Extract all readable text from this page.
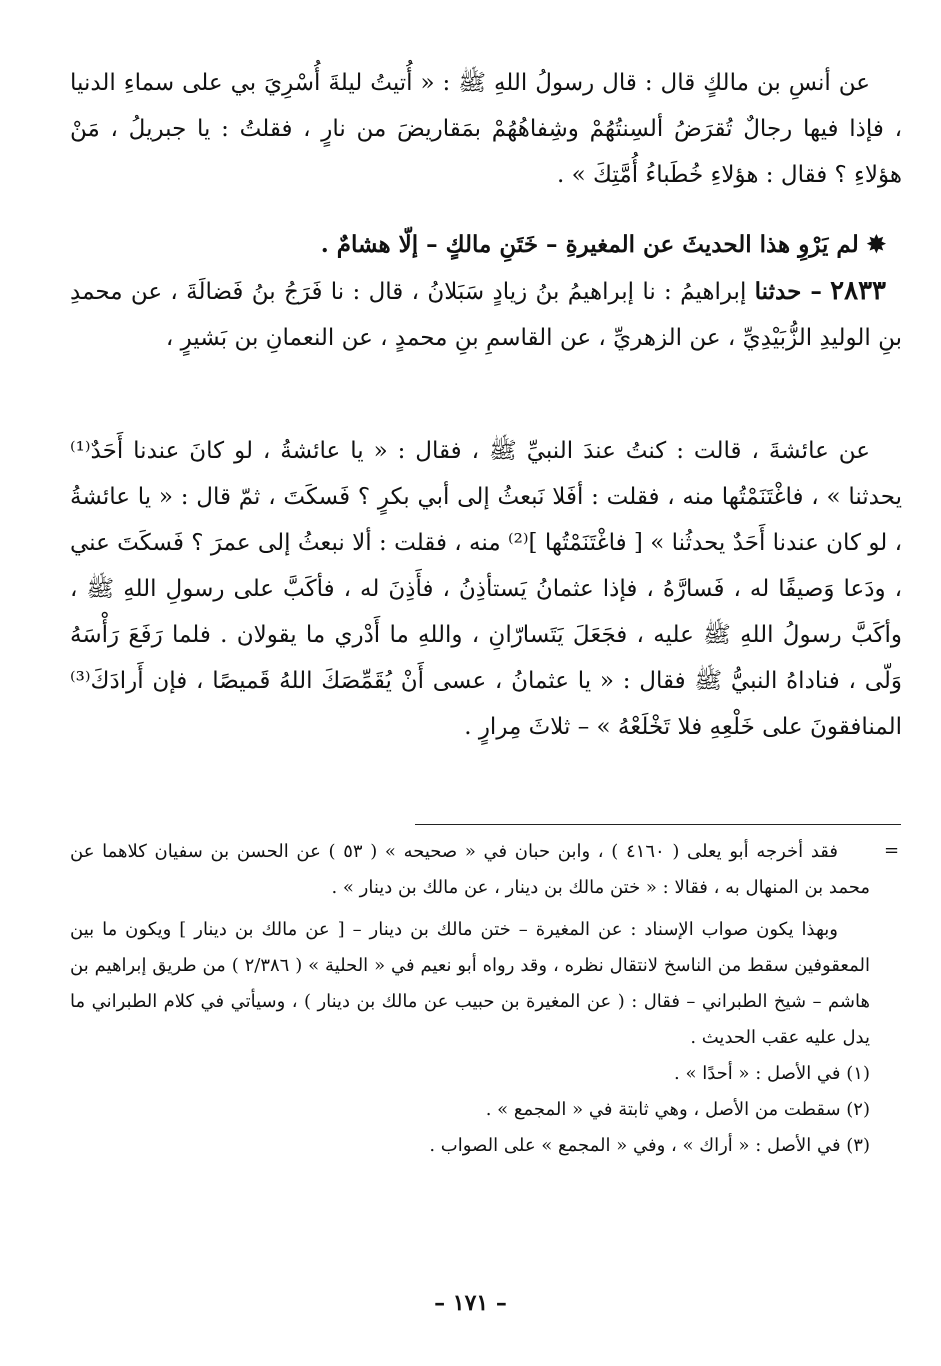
عن أنسِ بن مالكٍ قال : قال رسولُ اللهِ ﷺ : « أُتيتُ ليلةَ أُسْرِيَ بي على سماءِ الدنيا ، فإذا فيها رجالٌ تُقرَضُ ألسِنتُهُمْ وشِفاهُهُمْ بمَقاريضَ من نارٍ ، فقلتُ : يا جبريلُ ، مَنْ هؤلاءِ ؟ فقال : هؤلاءِ خُطَباءُ أُمَّتِكَ » .

✸ لم يَرْوِ هذا الحديثَ عن المغيرةِ – خَتَنِ مالكٍ – إلّا هشامٌ .

٢٨٣٣ – حدثنا إبراهيمُ : نا إبراهيمُ بنُ زيادٍ سَبَلانُ ، قال : نا فَرَجُ بنُ فَضالَةَ ، عن محمدِ بنِ الوليدِ الزُّبَيْدِيِّ ، عن الزهريِّ ، عن القاسمِ بنِ محمدٍ ، عن النعمانِ بن بَشيرٍ ،

عن عائشةَ ، قالت : كنتُ عندَ النبيِّ ﷺ ، فقال : « يا عائشةُ ، لو كانَ عندنا أَحَدٌ⁽¹⁾ يحدثنا » ، فاغْتَنَمْتُها منه ، فقلت : أفَلا نَبعثُ إلى أبي بكرٍ ؟ فَسكَتَ ، ثمّ قال : « يا عائشةُ ، لو كان عندنا أَحَدٌ يحدثُنا » [ فاغْتَنَمْتُها ]⁽²⁾ منه ، فقلت : ألا نبعثُ إلى عمرَ ؟ فَسكَتَ عني ، ودَعا وَصيفًا له ، فَسارَّهُ ، فإذا عثمانُ يَستأذِنُ ، فأَذِنَ له ، فأكَبَّ على رسولِ اللهِ ﷺ ، وأكَبَّ رسولُ اللهِ ﷺ عليه ، فجَعَلَ يَتَسارّانِ ، واللهِ ما أَدْري ما يقولان . فلما رَفَعَ رَأْسَهُ وَلّى ، فناداهُ النبيُّ ﷺ فقال : « يا عثمانُ ، عسى أَنْ يُقَمِّصَكَ اللهُ قَميصًا ، فإن أَرادَكَ⁽³⁾ المنافقونَ على خَلْعِهِ فلا تَخْلَعْهُ » – ثلاثَ مِرارٍ .

=

فقد أخرجه أبو يعلى ( ٤١٦٠ ) ، وابن حبان في « صحيحه » ( ٥٣ ) عن الحسن بن سفيان كلاهما عن محمد بن المنهال به ، فقالا : « ختن مالك بن دينار ، عن مالك بن دينار » .

وبهذا يكون صواب الإسناد : عن المغيرة – ختن مالك بن دينار – [ عن مالك بن دينار ] ويكون ما بين المعقوفين سقط من الناسخ لانتقال نظره ، وقد رواه أبو نعيم في « الحلية » ( ٢/٣٨٦ ) من طريق إبراهيم بن هاشم – شيخ الطبراني – فقال : ( عن المغيرة بن حبيب عن مالك بن دينار ) ، وسيأتي في كلام الطبراني ما يدل عليه عقب الحديث .

(١) في الأصل : « أحدًا » .

(٢) سقطت من الأصل ، وهي ثابتة في « المجمع » .

(٣) في الأصل : « أراك » ، وفي « المجمع » على الصواب .

– ١٧١ –
